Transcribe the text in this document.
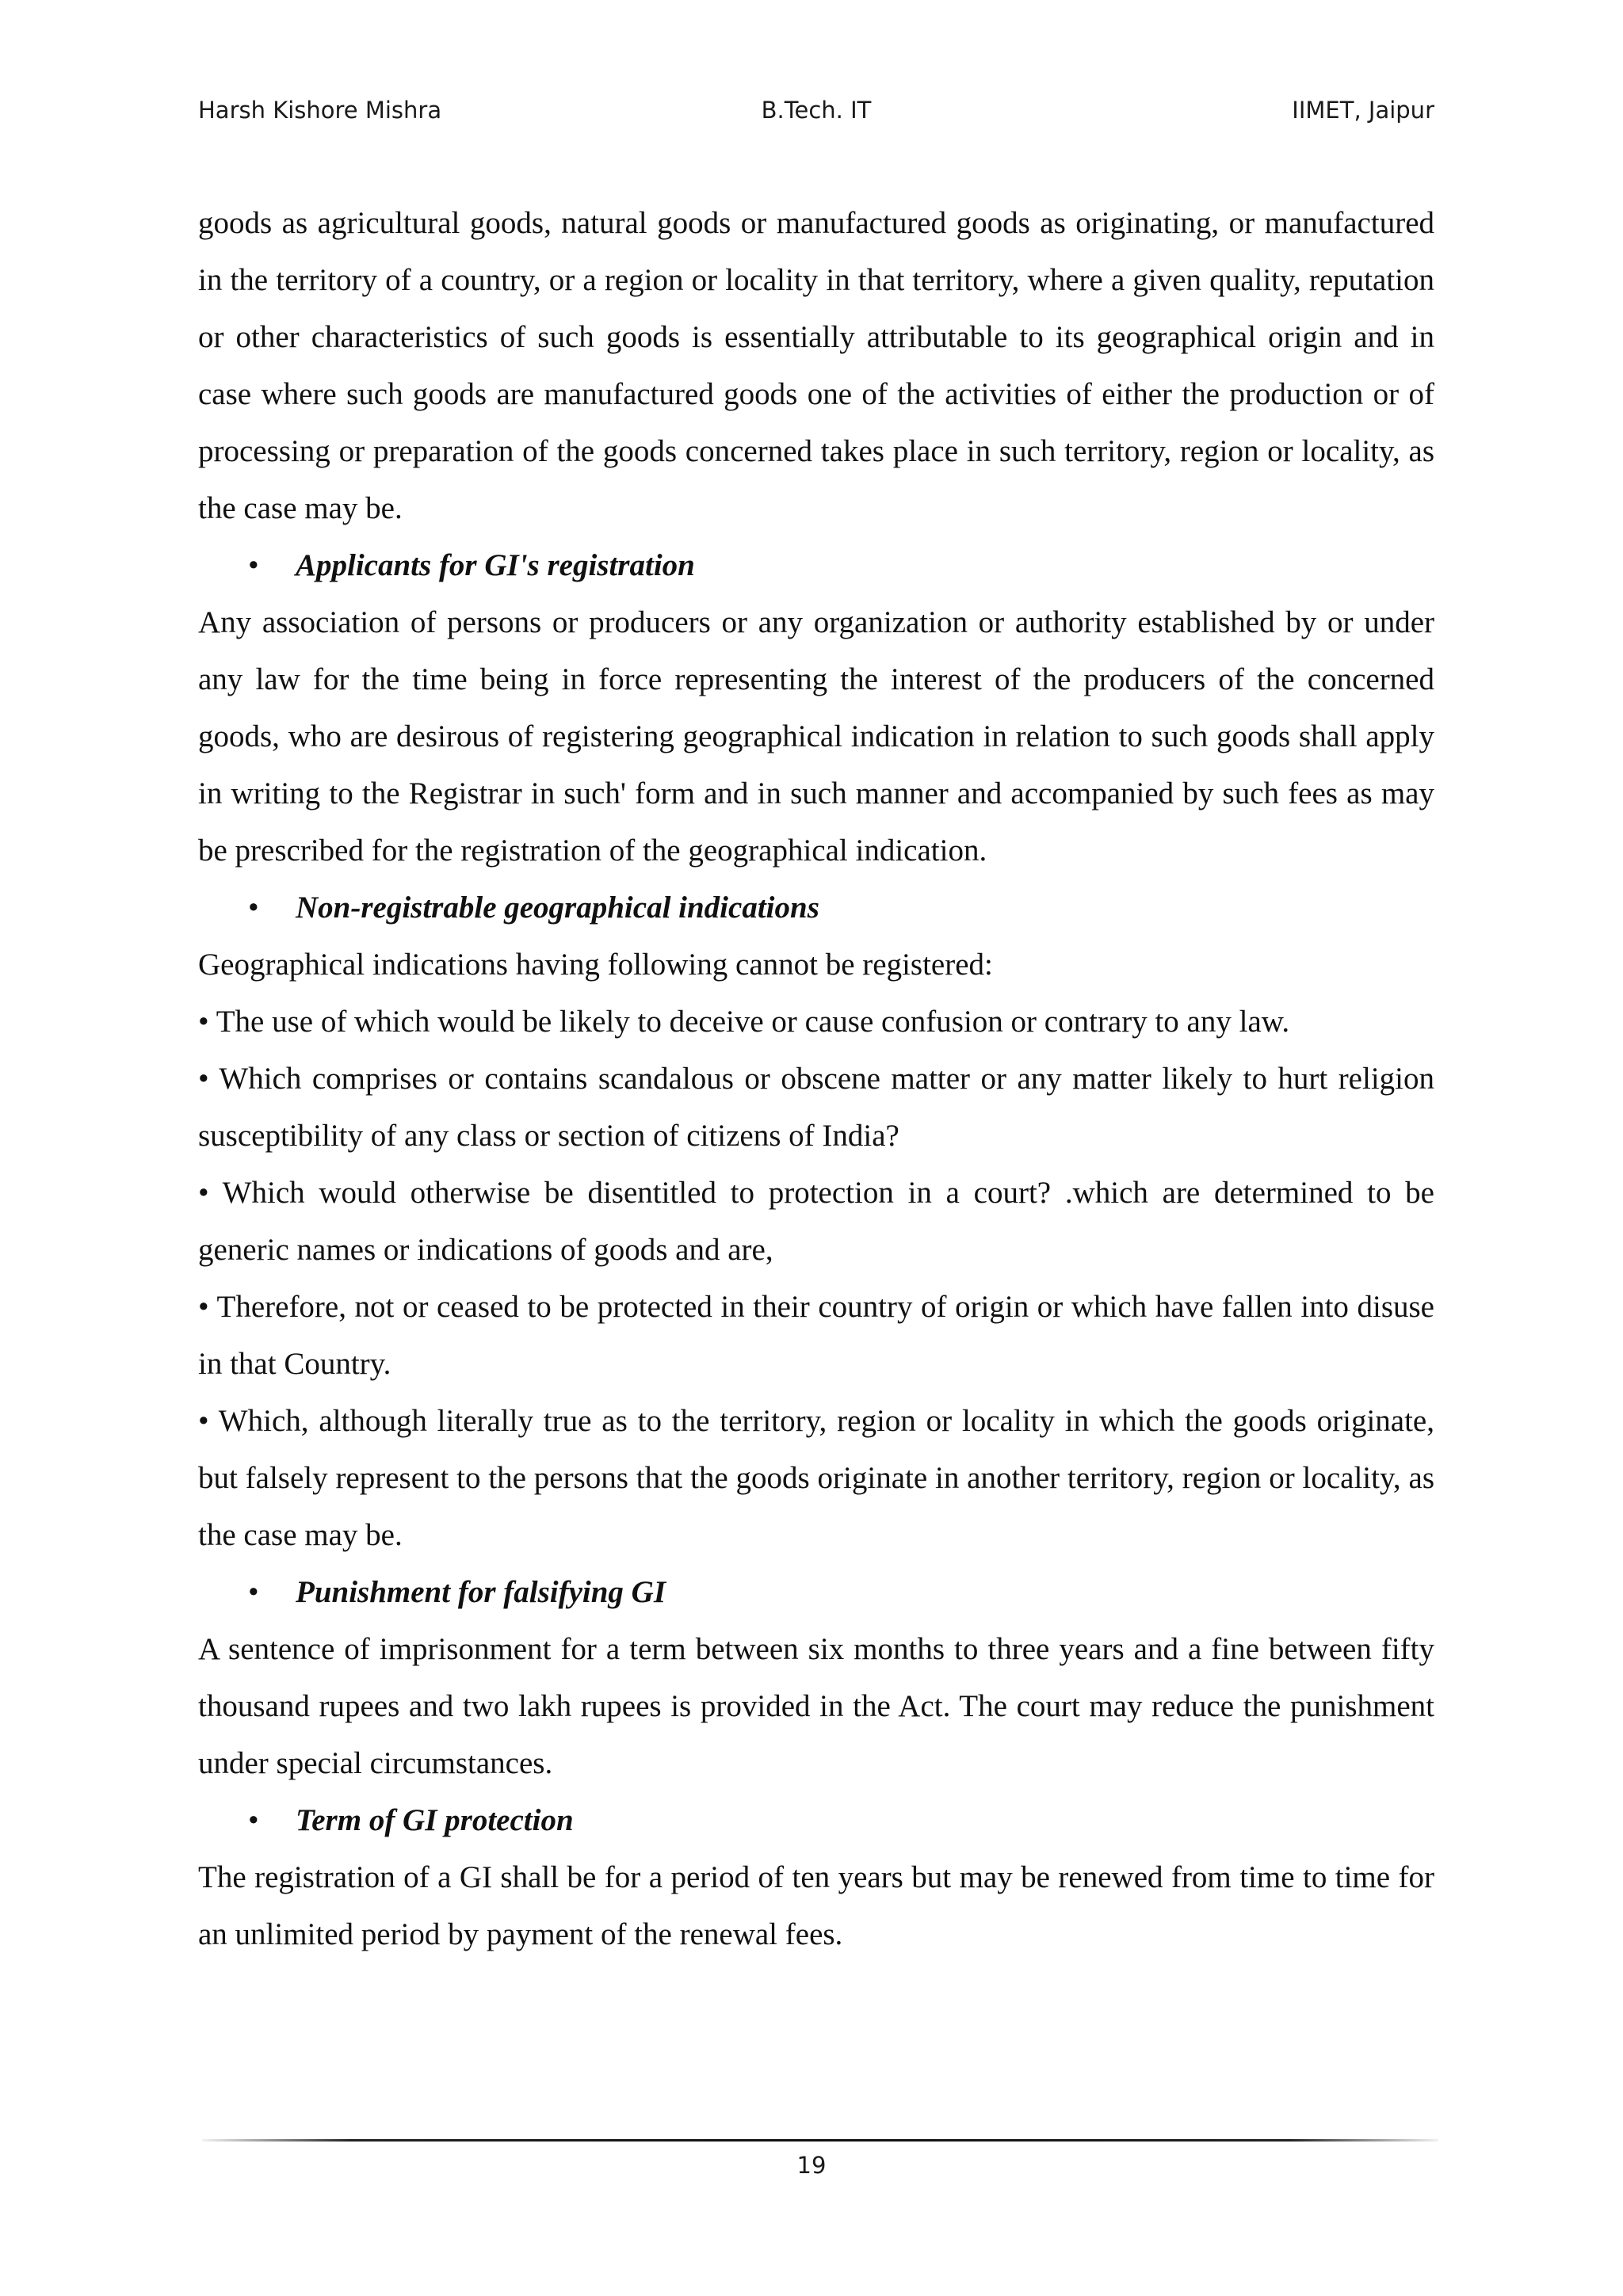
Harsh Kishore Mishra	B.Tech. IT	IIMET, Jaipur

goods as agricultural goods, natural goods or manufactured goods as originating, or manufactured in the territory of a country, or a region or locality in that territory, where a given quality, reputation or other characteristics of such goods is essentially attributable to its geographical origin and in case where such goods are manufactured goods one of the activities of either the production or of processing or preparation of the goods concerned takes place in such territory, region or locality, as the case may be.

• Applicants for GI's registration

Any association of persons or producers or any organization or authority established by or under any law for the time being in force representing the interest of the producers of the concerned goods, who are desirous of registering geographical indication in relation to such goods shall apply in writing to the Registrar in such' form and in such manner and accompanied by such fees as may be prescribed for the registration of the geographical indication.

• Non-registrable geographical indications

Geographical indications having following cannot be registered:

• The use of which would be likely to deceive or cause confusion or contrary to any law.

• Which comprises or contains scandalous or obscene matter or any matter likely to hurt religion susceptibility of any class or section of citizens of India?

• Which would otherwise be disentitled to protection in a court? .which are determined to be generic names or indications of goods and are,

• Therefore, not or ceased to be protected in their country of origin or which have fallen into disuse in that Country.

• Which, although literally true as to the territory, region or locality in which the goods originate, but falsely represent to the persons that the goods originate in another territory, region or locality, as the case may be.

• Punishment for falsifying GI

A sentence of imprisonment for a term between six months to three years and a fine between fifty thousand rupees and two lakh rupees is provided in the Act. The court may reduce the punishment under special circumstances.

• Term of GI protection

The registration of a GI shall be for a period of ten years but may be renewed from time to time for an unlimited period by payment of the renewal fees.

19
